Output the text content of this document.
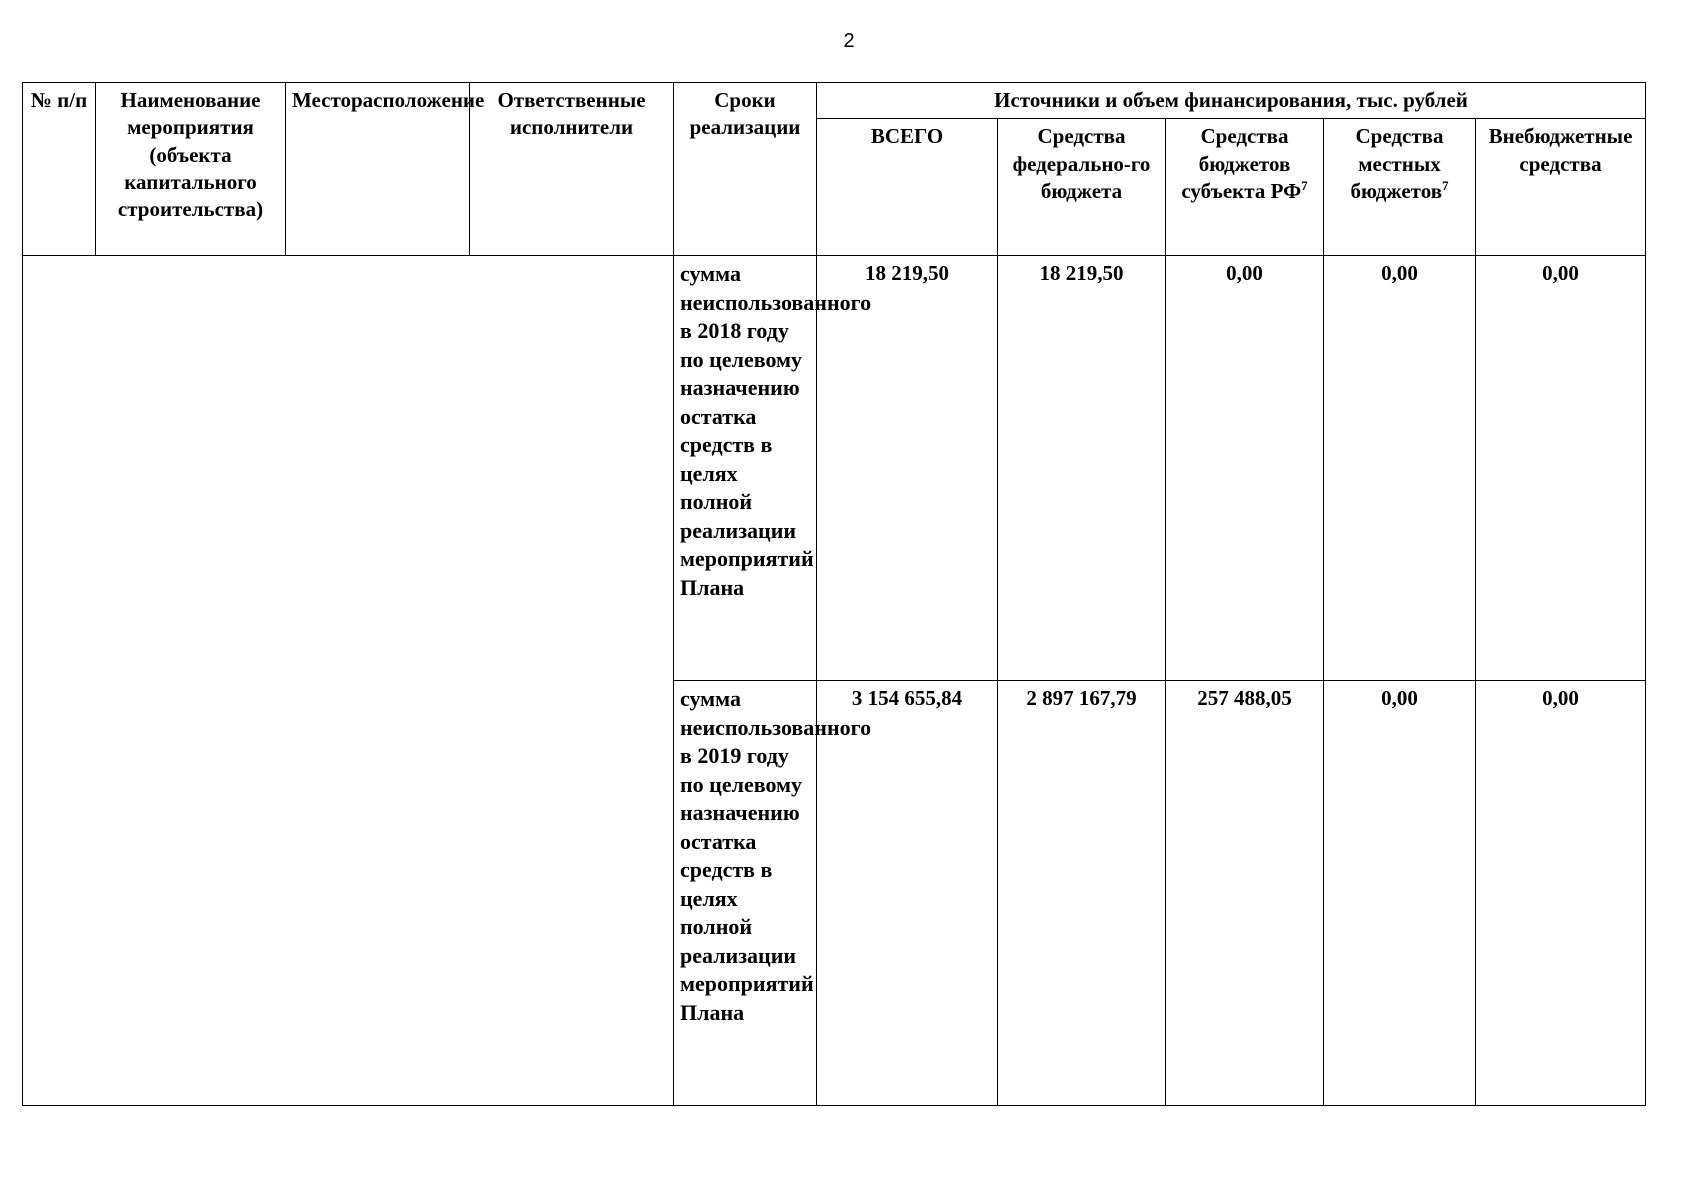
2
№ п/п	Наименование мероприятия (объекта капитального строительства)	Месторасположение	Ответственные исполнители	Сроки реализации	Источники и объем финансирования, тыс. рублей				
					ВСЕГО	Средства федерально-го бюджета	Средства бюджетов субъекта $РФ^7$	Средства местных бюджетов$^7$	Внебюджетные средства
				сумма неиспользованного в 2018 году по целевому назначению остатка средств в целях полной реализации мероприятий Плана	18 219,50	18 219,50	0,00	0,00	0,00
				сумма неиспользованного в 2019 году по целевому назначению остатка средств в целях полной реализации мероприятий Плана	3 154 655,84	2 897 167,79	257 488,05	0,00	0,00
